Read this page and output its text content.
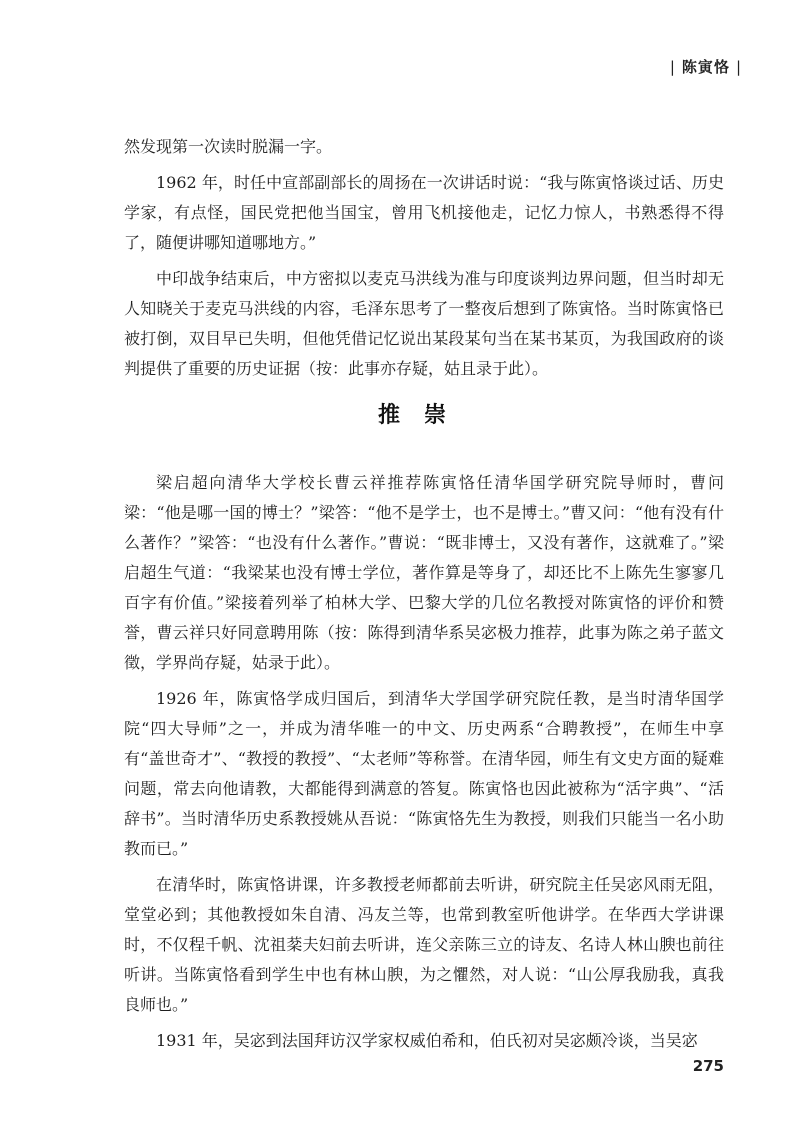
| 陈寅恪 |

然发现第一次读时脱漏一字。

1962 年，时任中宣部副部长的周扬在一次讲话时说：“我与陈寅恪谈过话、历史学家，有点怪，国民党把他当国宝，曾用飞机接他走，记忆力惊人，书熟悉得不得了，随便讲哪知道哪地方。”

中印战争结束后，中方密拟以麦克马洪线为准与印度谈判边界问题，但当时却无人知晓关于麦克马洪线的内容，毛泽东思考了一整夜后想到了陈寅恪。当时陈寅恪已被打倒，双目早已失明，但他凭借记忆说出某段某句当在某书某页，为我国政府的谈判提供了重要的历史证据（按：此事亦存疑，姑且录于此）。

推崇

梁启超向清华大学校长曹云祥推荐陈寅恪任清华国学研究院导师时，曹问梁：“他是哪一国的博士？”梁答：“他不是学士，也不是博士。”曹又问：“他有没有什么著作？”梁答：“也没有什么著作。”曹说：“既非博士，又没有著作，这就难了。”梁启超生气道：“我梁某也没有博士学位，著作算是等身了，却还比不上陈先生寥寥几百字有价值。”梁接着列举了柏林大学、巴黎大学的几位名教授对陈寅恪的评价和赞誉，曹云祥只好同意聘用陈（按：陈得到清华系吴宓极力推荐，此事为陈之弟子蓝文徵，学界尚存疑，姑录于此）。

1926 年，陈寅恪学成归国后，到清华大学国学研究院任教，是当时清华国学院“四大导师”之一，并成为清华唯一的中文、历史两系“合聘教授”，在师生中享有“盖世奇才”、“教授的教授”、“太老师”等称誉。在清华园，师生有文史方面的疑难问题，常去向他请教，大都能得到满意的答复。陈寅恪也因此被称为“活字典”、“活辞书”。当时清华历史系教授姚从吾说：“陈寅恪先生为教授，则我们只能当一名小助教而已。”

在清华时，陈寅恪讲课，许多教授老师都前去听讲，研究院主任吴宓风雨无阻，堂堂必到；其他教授如朱自清、冯友兰等，也常到教室听他讲学。在华西大学讲课时，不仅程千帆、沈祖棻夫妇前去听讲，连父亲陈三立的诗友、名诗人林山腴也前往听讲。当陈寅恪看到学生中也有林山腴，为之懼然，对人说：“山公厚我励我，真我良师也。”

1931 年，吴宓到法国拜访汉学家权威伯希和，伯氏初对吴宓颇冷谈，当吴宓

275
